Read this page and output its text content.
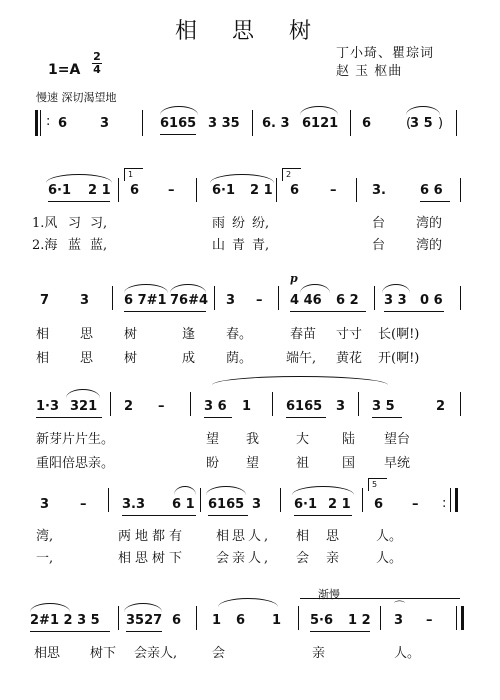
相 思 树
1=A
2
4
丁小琦、瞿琮词
赵 玉 枢曲
慢速 深切渴望地
: 6	3	6165 3 35 6. 3 6121 6	3 5
( )
6·1 2 1
1
6 –	6·1 2 1
2
6 –	3.	6 6
1.风 习 习,	雨 纷 纷,	台 湾的
2.海 蓝 蓝,	山 青 青,	台 湾的
7 3	6 7#1 76#4 3 –
p
4 46 6 2 3 3 0 6
相 思 树	逢 春。	春苗 寸寸 长(啊!)
相 思 树	成 荫。	端午, 黄花 开(啊!)
1·3 321 2 –	3 6 1	6165 3 3 5	2
新芽片片生。	望 我	大	陆 望台
重阳倍思亲。	盼 望	祖	国 早统
3 –	3.3 6 1 6165 3	6·1 2 1
5
6 – :
湾,	两地都有 相思人, 相 思	人。
一,	相思树下 会亲人, 会 亲	人。
渐慢
2#1 2 3 5 3527 6 1 6 1 5·6 1 2 3 –
⌒
相思 树下 会亲人,	会	亲	人。
